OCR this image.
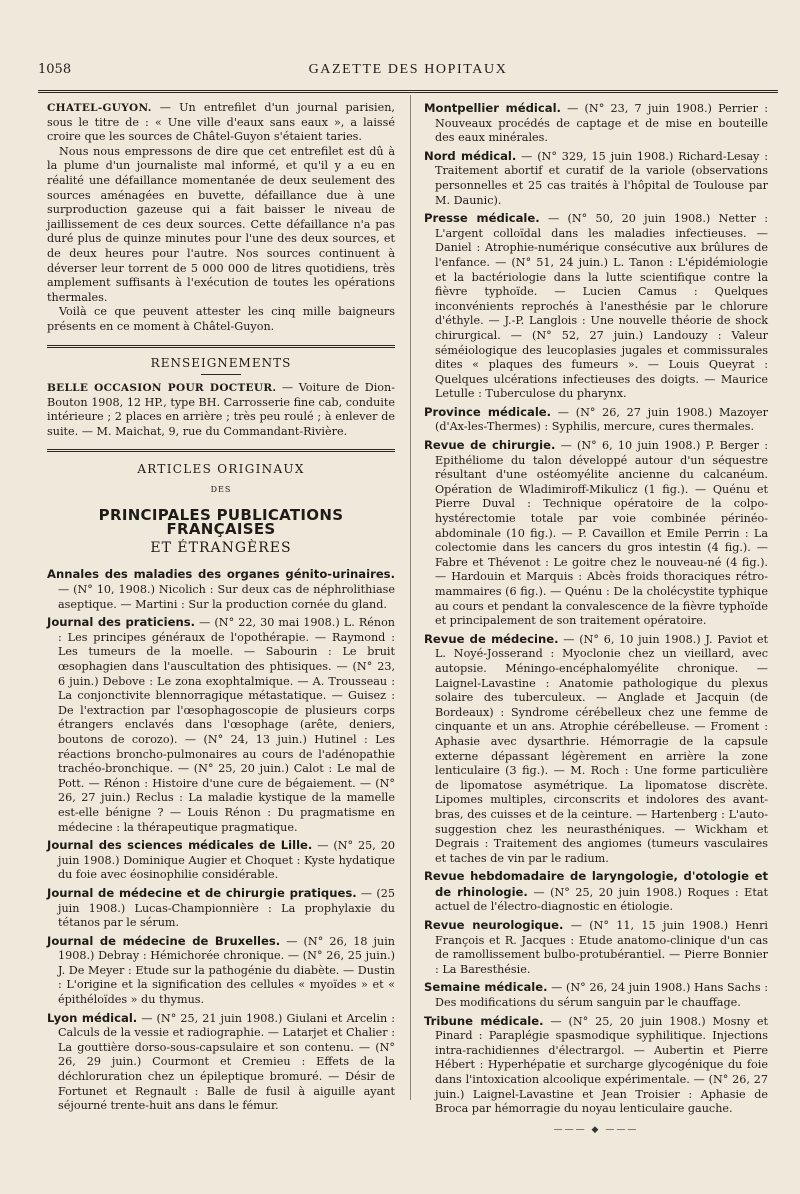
1058	GAZETTE DES HOPITAUX

CHATEL-GUYON. — Un entrefilet d'un journal parisien, sous le titre de : « Une ville d'eaux sans eaux », a laissé croire que les sources de Châtel-Guyon s'étaient taries.

Nous nous empressons de dire que cet entrefilet est dû à la plume d'un journaliste mal informé, et qu'il y a eu en réalité une défaillance momentanée de deux seulement des sources aménagées en buvette, défaillance due à une surproduction gazeuse qui a fait baisser le niveau de jaillissement de ces deux sources. Cette défaillance n'a pas duré plus de quinze minutes pour l'une des deux sources, et de deux heures pour l'autre. Nos sources continuent à déverser leur torrent de 5 000 000 de litres quotidiens, très amplement suffisants à l'exécution de toutes les opérations thermales.

Voilà ce que peuvent attester les cinq mille baigneurs présents en ce moment à Châtel-Guyon.

RENSEIGNEMENTS

BELLE OCCASION POUR DOCTEUR. — Voiture de Dion-Bouton 1908, 12 HP., type BH. Carrosserie fine cab, conduite intérieure ; 2 places en arrière ; très peu roulé ; à enlever de suite. — M. Maichat, 9, rue du Commandant-Rivière.

ARTICLES ORIGINAUX
DES
PRINCIPALES PUBLICATIONS FRANÇAISES
ET ÉTRANGÈRES

Annales des maladies des organes génito-urinaires. — (N° 10, 1908.) Nicolich : Sur deux cas de néphrolithiase aseptique. — Martini : Sur la production cornée du gland.

Journal des praticiens. — (N° 22, 30 mai 1908.) L. Rénon : Les principes généraux de l'opothérapie. — Raymond : Les tumeurs de la moelle. — Sabourin : Le bruit œsophagien dans l'auscultation des phtisiques. — (N° 23, 6 juin.) Debove : Le zona exophtalmique. — A. Trousseau : La conjonctivite blennorragique métastatique. — Guisez : De l'extraction par l'œsophagoscopie de plusieurs corps étrangers enclavés dans l'œsophage (arête, deniers, boutons de corozo). — (N° 24, 13 juin.) Hutinel : Les réactions broncho-pulmonaires au cours de l'adénopathie trachéo-bronchique. — (N° 25, 20 juin.) Calot : Le mal de Pott. — Rénon : Histoire d'une cure de bégaiement. — (N° 26, 27 juin.) Reclus : La maladie kystique de la mamelle est-elle bénigne ? — Louis Rénon : Du pragmatisme en médecine : la thérapeutique pragmatique.

Journal des sciences médicales de Lille. — (N° 25, 20 juin 1908.) Dominique Augier et Choquet : Kyste hydatique du foie avec éosinophilie considérable.

Journal de médecine et de chirurgie pratiques. — (25 juin 1908.) Lucas-Championnière : La prophylaxie du tétanos par le sérum.

Journal de médecine de Bruxelles. — (N° 26, 18 juin 1908.) Debray : Hémichorée chronique. — (N° 26, 25 juin.) J. De Meyer : Etude sur la pathogénie du diabète. — Dustin : L'origine et la signification des cellules « myoïdes » et « épithéloïdes » du thymus.

Lyon médical. — (N° 25, 21 juin 1908.) Giulani et Arcelin : Calculs de la vessie et radiographie. — Latarjet et Chalier : La gouttière dorso-sous-capsulaire et son contenu. — (N° 26, 29 juin.) Courmont et Cremieu : Effets de la déchloruration chez un épileptique bromuré. — Désir de Fortunet et Regnault : Balle de fusil à aiguille ayant séjourné trente-huit ans dans le fémur.

Montpellier médical. — (N° 23, 7 juin 1908.) Perrier : Nouveaux procédés de captage et de mise en bouteille des eaux minérales.

Nord médical. — (N° 329, 15 juin 1908.) Richard-Lesay : Traitement abortif et curatif de la variole (observations personnelles et 25 cas traités à l'hôpital de Toulouse par M. Daunic).

Presse médicale. — (N° 50, 20 juin 1908.) Netter : L'argent colloïdal dans les maladies infectieuses. — Daniel : Atrophie-numérique consécutive aux brûlures de l'enfance. — (N° 51, 24 juin.) L. Tanon : L'épidémiologie et la bactériologie dans la lutte scientifique contre la fièvre typhoïde. — Lucien Camus : Quelques inconvénients reprochés à l'anesthésie par le chlorure d'éthyle. — J.-P. Langlois : Une nouvelle théorie de shock chirurgical. — (N° 52, 27 juin.) Landouzy : Valeur séméiologique des leucoplasies jugales et commissurales dites « plaques des fumeurs ». — Louis Queyrat : Quelques ulcérations infectieuses des doigts. — Maurice Letulle : Tuberculose du pharynx.

Province médicale. — (N° 26, 27 juin 1908.) Mazoyer (d'Ax-les-Thermes) : Syphilis, mercure, cures thermales.

Revue de chirurgie. — (N° 6, 10 juin 1908.) P. Berger : Epithéliome du talon développé autour d'un séquestre résultant d'une ostéomyélite ancienne du calcanéum. Opération de Wladimiroff-Mikulicz (1 fig.). — Quénu et Pierre Duval : Technique opératoire de la colpo-hystérectomie totale par voie combinée périnéo-abdominale (10 fig.). — P. Cavaillon et Emile Perrin : La colectomie dans les cancers du gros intestin (4 fig.). — Fabre et Thévenot : Le goitre chez le nouveau-né (4 fig.). — Hardouin et Marquis : Abcès froids thoraciques rétro-mammaires (6 fig.). — Quénu : De la cholécystite typhique au cours et pendant la convalescence de la fièvre typhoïde et principalement de son traitement opératoire.

Revue de médecine. — (N° 6, 10 juin 1908.) J. Paviot et L. Noyé-Josserand : Myoclonie chez un vieillard, avec autopsie. Méningo-encéphalomyélite chronique. — Laignel-Lavastine : Anatomie pathologique du plexus solaire des tuberculeux. — Anglade et Jacquin (de Bordeaux) : Syndrome cérébelleux chez une femme de cinquante et un ans. Atrophie cérébelleuse. — Froment : Aphasie avec dysarthrie. Hémorragie de la capsule externe dépassant légèrement en arrière la zone lenticulaire (3 fig.). — M. Roch : Une forme particulière de lipomatose asymétrique. La lipomatose discrète. Lipomes multiples, circonscrits et indolores des avant-bras, des cuisses et de la ceinture. — Hartenberg : L'auto-suggestion chez les neurasthéniques. — Wickham et Degrais : Traitement des angiomes (tumeurs vasculaires et taches de vin par le radium.

Revue hebdomadaire de laryngologie, d'otologie et de rhinologie. — (N° 25, 20 juin 1908.) Roques : Etat actuel de l'électro-diagnostic en étiologie.

Revue neurologique. — (N° 11, 15 juin 1908.) Henri François et R. Jacques : Etude anatomo-clinique d'un cas de ramollissement bulbo-protubérantiel. — Pierre Bonnier : La Baresthésie.

Semaine médicale. — (N° 26, 24 juin 1908.) Hans Sachs : Des modifications du sérum sanguin par le chauffage.

Tribune médicale. — (N° 25, 20 juin 1908.) Mosny et Pinard : Paraplégie spasmodique syphilitique. Injections intra-rachidiennes d'électrargol. — Aubertin et Pierre Hébert : Hyperhépatie et surcharge glycogénique du foie dans l'intoxication alcoolique expérimentale. — (N° 26, 27 juin.) Laignel-Lavastine et Jean Troisier : Aphasie de Broca par hémorragie du noyau lenticulaire gauche.

——— ◆ ———
